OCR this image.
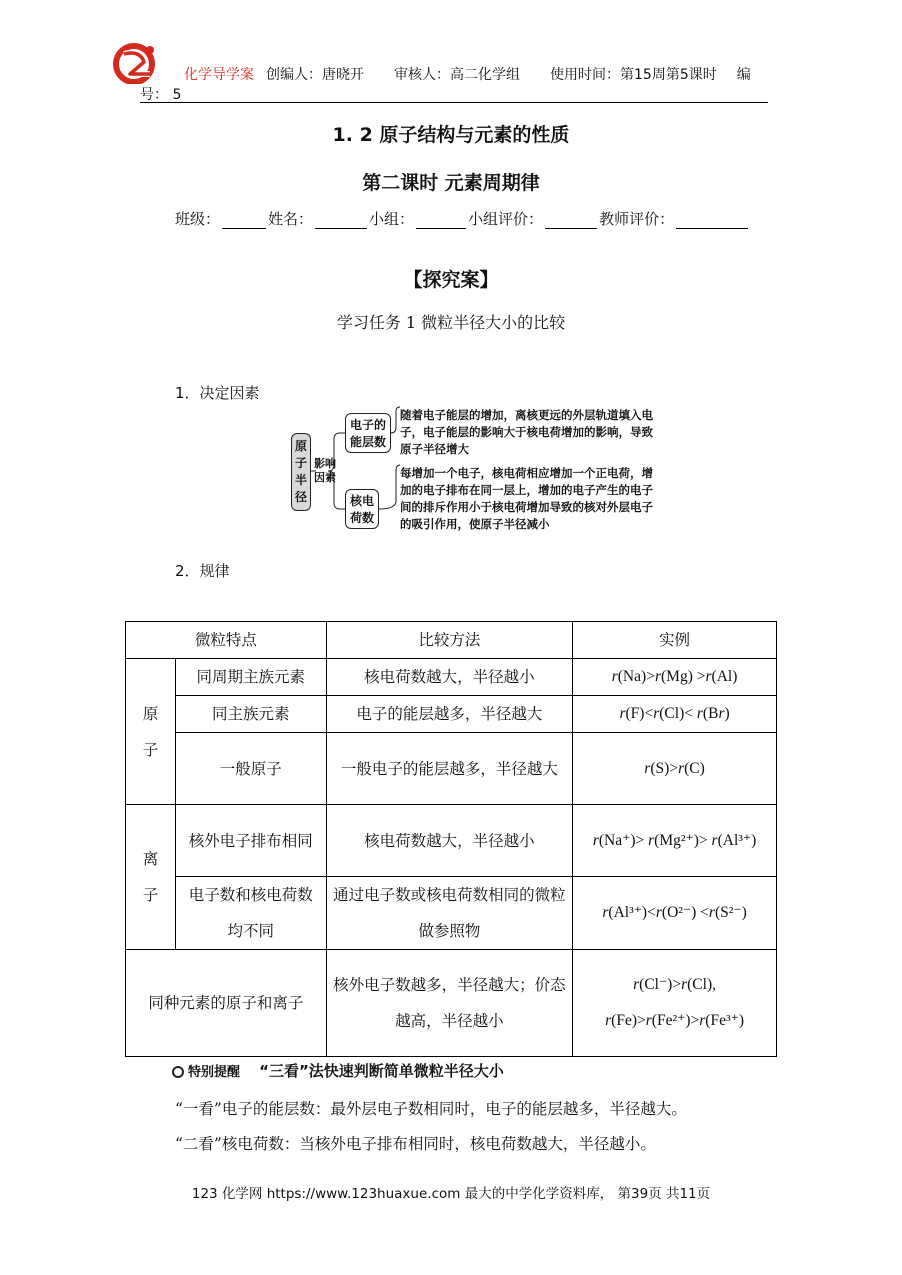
化学导学案 创编人：唐晓开 审核人：高二化学组 使用时间：第15周第5课时 编
号： 5
1. 2 原子结构与元素的性质
第二课时 元素周期律
班级：	姓名：	小组：	小组评价：	教师评价：
【探究案】
学习任务 1 微粒半径大小的比较
1．决定因素
原子半径
影响因素
电子的能层数
核电荷数
随着电子能层的增加，离核更远的外层轨道填入电子，电子能层的影响大于核电荷增加的影响，导致原子半径增大
每增加一个电子，核电荷相应增加一个正电荷，增加的电子排布在同一层上，增加的电子产生的电子间的排斥作用小于核电荷增加导致的核对外层电子的吸引作用，使原子半径减小
2．规律
微粒特点		比较方法	实例
原子	同周期主族元素	核电荷数越大，半径越小	r(Na)>r(Mg) >r(Al)
	同主族元素	电子的能层越多，半径越大	r(F)<r(Cl)< r(Br)
	一般原子	一般电子的能层越多，半径越大	r(S)>r(C)
离子	核外电子排布相同	核电荷数越大，半径越小	r(Na⁺)> r(Mg²⁺)> r(Al³⁺)
	电子数和核电荷数均不同	通过电子数或核电荷数相同的微粒做参照物	r(Al³⁺)<r(O²⁻) <r(S²⁻)
同种元素的原子和离子		核外电子数越多，半径越大；价态越高，半径越小	r(Cl⁻)>r(Cl), r(Fe)>r(Fe²⁺)>r(Fe³⁺)
特别提醒 “三看”法快速判断简单微粒半径大小
“一看”电子的能层数：最外层电子数相同时，电子的能层越多，半径越大。
“二看”核电荷数：当核外电子排布相同时，核电荷数越大，半径越小。
123 化学网 https://www.123huaxue.com 最大的中学化学资料库， 第39页 共11页
